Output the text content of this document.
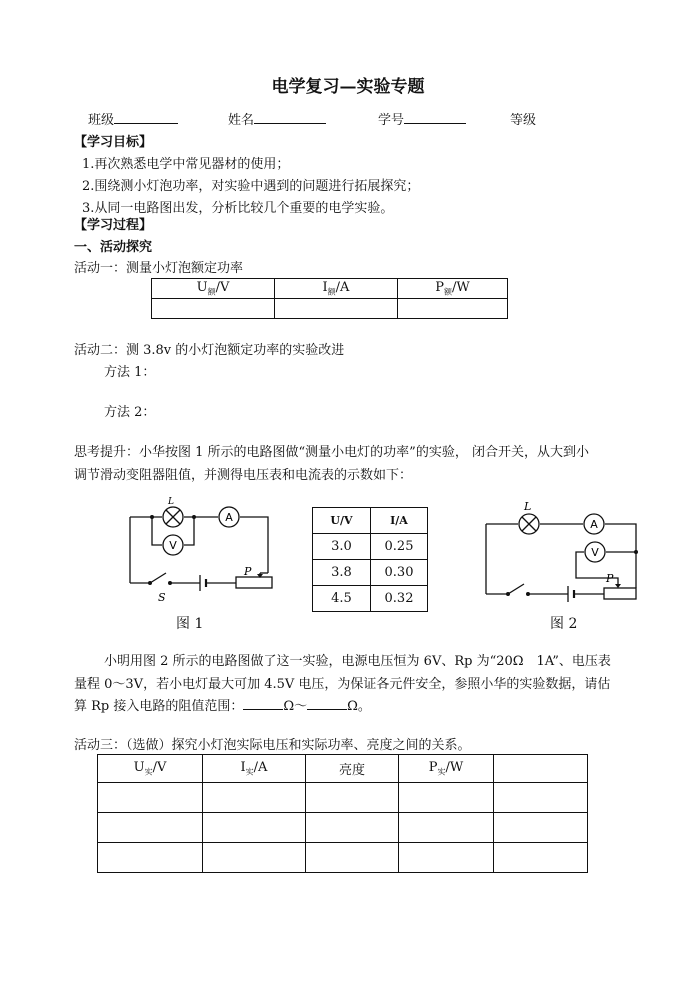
电学复习—实验专题
班级	姓名	学号	等级
【学习目标】
1.再次熟悉电学中常见器材的使用；
2.围绕测小灯泡功率，对实验中遇到的问题进行拓展探究；
3.从同一电路图出发，分析比较几个重要的电学实验。
【学习过程】
一、活动探究
活动一：测量小灯泡额定功率
$U_额/V$	$I_额/A$	$P_额/W$

活动二：测 3.8v 的小灯泡额定功率的实验改进
方法 1：
方法 2：
思考提升：小华按图 1 所示的电路图做“测量小电灯的功率”的实验， 闭合开关，从大到小
调节滑动变阻器阻值，并测得电压表和电流表的示数如下：
A
V
L
S
P
图 1
U/V	I/A
3.0	0.25
3.8	0.30
4.5	0.32
A
V
L
P
图 2
小明用图 2 所示的电路图做了这一实验，电源电压恒为 6V、Rp 为“20Ω　1A”、电压表
量程 0～3V，若小电灯最大可加 4.5V 电压，为保证各元件安全，参照小华的实验数据，请估
算 Rp 接入电路的阻值范围：	Ω～	Ω。
活动三：（选做）探究小灯泡实际电压和实际功率、亮度之间的关系。
$U_实/V$	$I_实/A$	亮度	$P_实/W$	
